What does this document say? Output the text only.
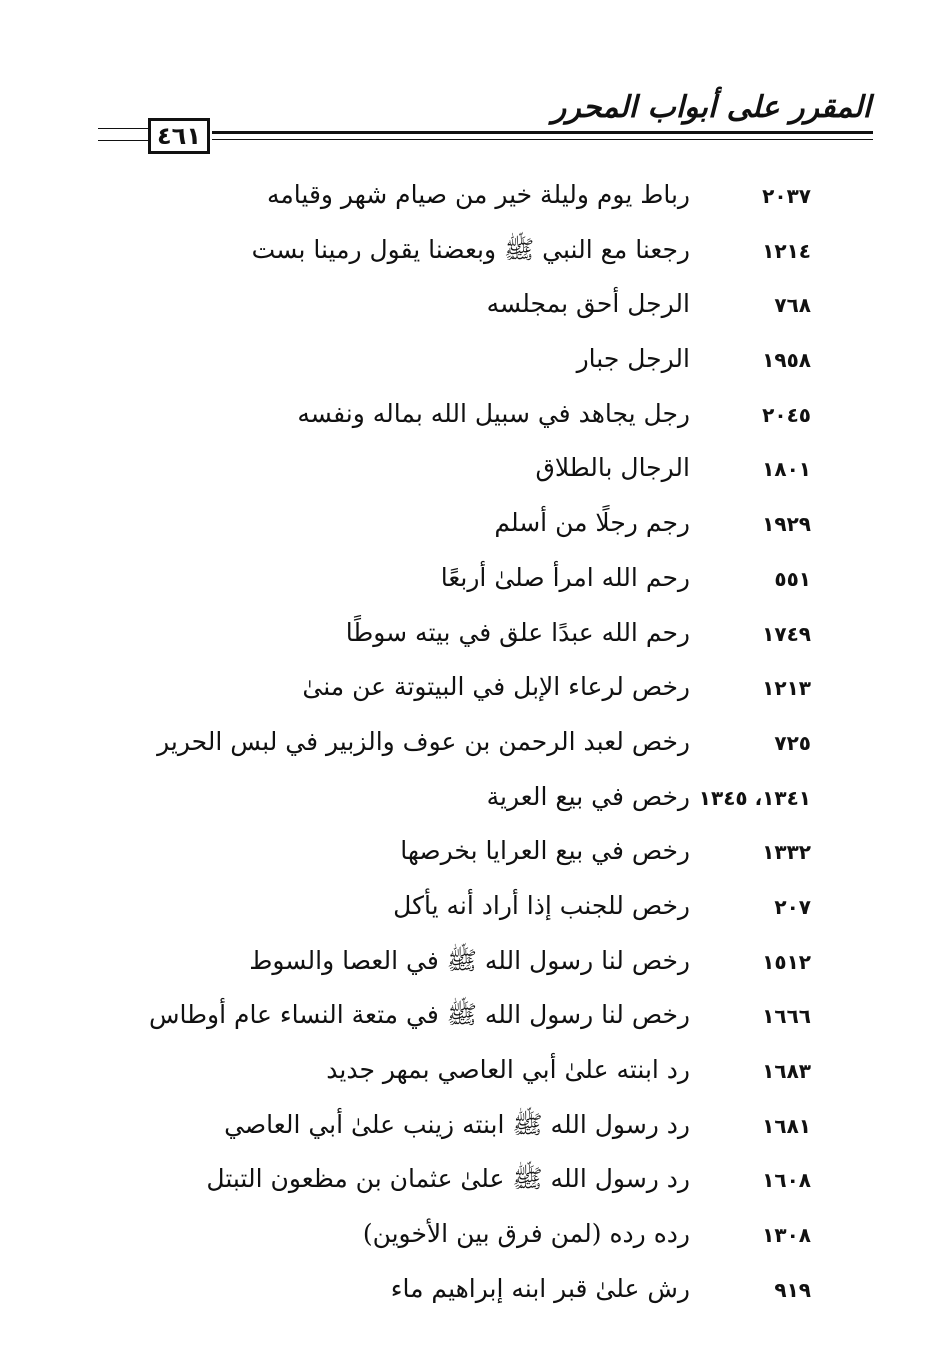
المقرر على أبواب المحرر
٤٦١
٢٠٣٧
رباط يوم وليلة خير من صيام شهر وقيامه
١٢١٤
رجعنا مع النبي ﷺ وبعضنا يقول رمينا بست
٧٦٨
الرجل أحق بمجلسه
١٩٥٨
الرجل جبار
٢٠٤٥
رجل يجاهد في سبيل الله بماله ونفسه
١٨٠١
الرجال بالطلاق
١٩٢٩
رجم رجلًا من أسلم
٥٥١
رحم الله امرأ صلىٰ أربعًا
١٧٤٩
رحم الله عبدًا علق في بيته سوطًا
١٢١٣
رخص لرعاء الإبل في البيتوتة عن منىٰ
٧٢٥
رخص لعبد الرحمن بن عوف والزبير في لبس الحرير
١٣٤١، ١٣٤٥
رخص في بيع العرية
١٣٣٢
رخص في بيع العرايا بخرصها
٢٠٧
رخص للجنب إذا أراد أنه يأكل
١٥١٢
رخص لنا رسول الله ﷺ في العصا والسوط
١٦٦٦
رخص لنا رسول الله ﷺ في متعة النساء عام أوطاس
١٦٨٣
رد ابنته علىٰ أبي العاصي بمهر جديد
١٦٨١
رد رسول الله ﷺ ابنته زينب علىٰ أبي العاصي
١٦٠٨
رد رسول الله ﷺ علىٰ عثمان بن مظعون التبتل
١٣٠٨
رده رده (لمن فرق بين الأخوين)
٩١٩
رش علىٰ قبر ابنه إبراهيم ماء
